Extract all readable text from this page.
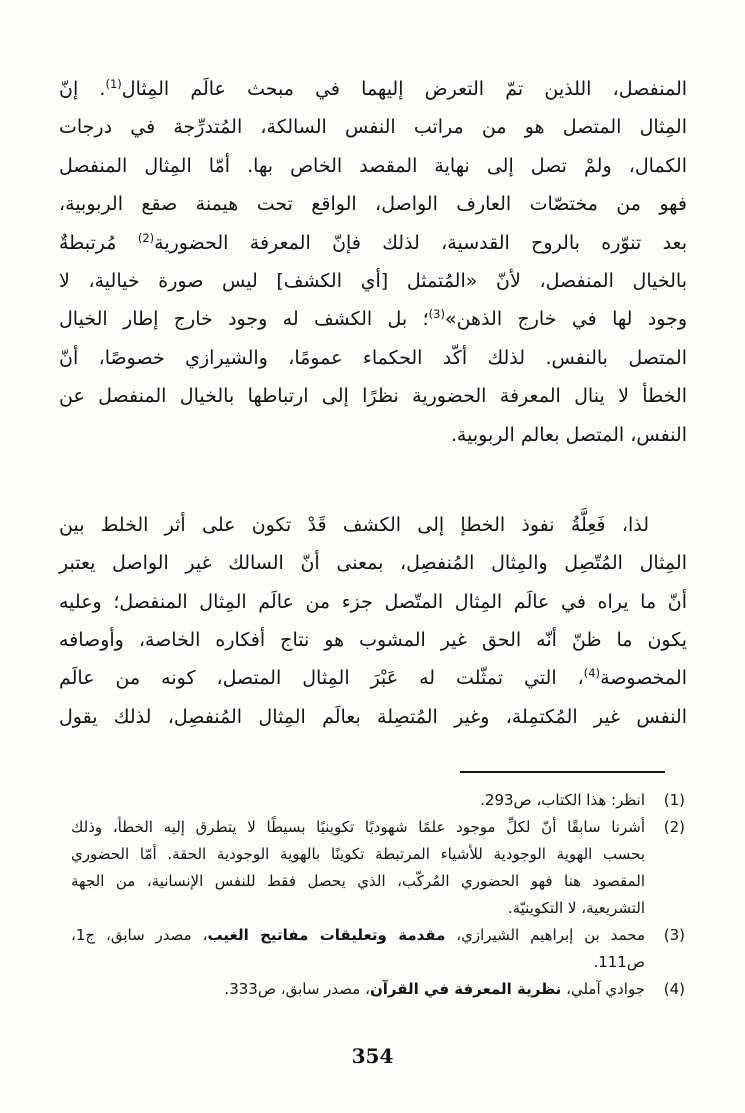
المنفصل، اللذين تمّ التعرض إليهما في مبحث عالَم المِثال$^{(1)}$. إنّ
المِثال المتصل هو من مراتب النفس السالكة، المُتدرِّجة في درجات
الكمال، ولمْ تصل إلى نهاية المقصد الخاص بها. أمّا المِثال المنفصل
فهو من مختصّات العارف الواصل، الواقع تحت هيمنة صقع الربوبية،
بعد تنوّره بالروح القدسية، لذلك فإنّ المعرفة الحضورية$^{(2)}$ مُرتبطةٌ
بالخيال المنفصل، لأنّ «المُتمثل [أي الكشف] ليس صورة خيالية، لا
وجود لها في خارج الذهن»$^{(3)}$؛ بل الكشف له وجود خارج إطار الخيال
المتصل بالنفس. لذلك أكّد الحكماء عمومًا، والشيرازي خصوصًا، أنّ
الخطأ لا ينال المعرفة الحضورية نظرًا إلى ارتباطها بالخيال المنفصل عن
النفس، المتصل بعالم الربوبية.
لذا، فَعِلَّةُ نفوذ الخطإ إلى الكشف قَدْ تكون على أثر الخلط بين
المِثال المُتّصِل والمِثال المُنفصِل، بمعنى أنّ السالك غير الواصل يعتبر
أنّ ما يراه في عالَم المِثال المتّصل جزء من عالَم المِثال المنفصل؛ وعليه
يكون ما ظنّ أنّه الحق غير المشوب هو نتاج أفكاره الخاصة، وأوصافه
المخصوصة$^{(4)}$، التي تمثّلت له عَبْرَ المِثال المتصل، كونه من عالَم
النفس غير المُكتمِلة، وغير المُتصِلة بعالَم المِثال المُنفصِل، لذلك يقول
(1)
انظر: هذا الكتاب، ص293.
(2)
أشرنا سابقًا أنّ لكلِّ موجود علمًا شهوديًا تكوينيًا بسيطًا لا يتطرق إليه الخطأ، وذلك
بحسب الهوية الوجودية للأشياء المرتبطة تكوينًا بالهوية الوجودية الحقة. أمّا الحضوري
المقصود هنا فهو الحضوري المُركّب، الذي يحصل فقط للنفس الإنسانية، من الجهة
التشريعية، لا التكوينيّة.
(3)
محمد بن إبراهيم الشيرازي، مقدمة وتعليقات مفاتيح الغيب، مصدر سابق، ج1،
ص111.
(4)
جوادي آملي، نظرية المعرفة في القرآن، مصدر سابق، ص333.
354
